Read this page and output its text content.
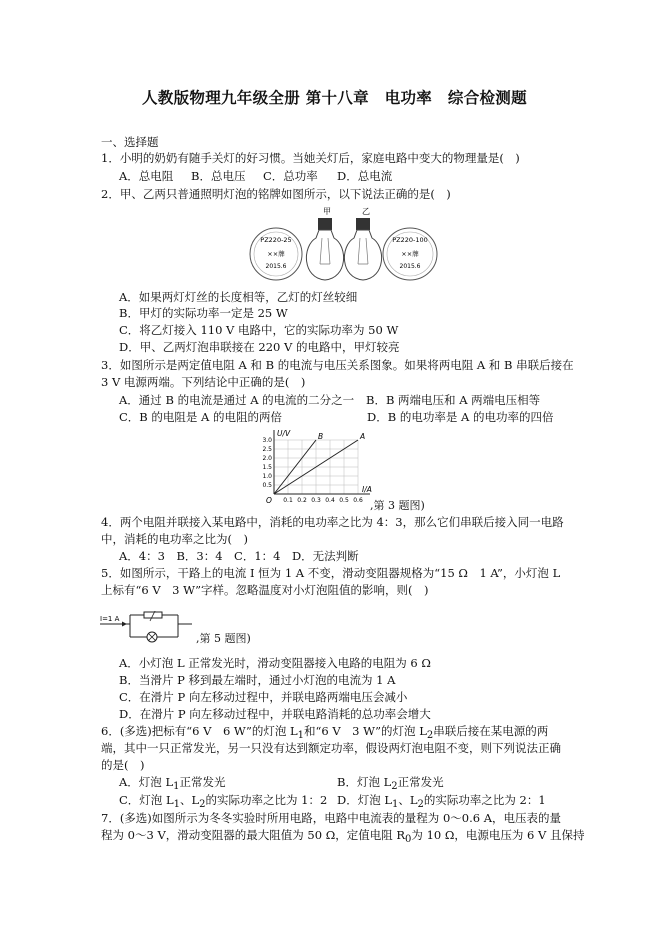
人教版物理九年级全册 第十八章　电功率　综合检测题
一、选择题
1．小明的奶奶有随手关灯的好习惯。当她关灯后，家庭电路中变大的物理量是(　)
A．总电阻 B．总电压 C．总功率 D．总电流
2．甲、乙两只普通照明灯泡的铭牌如图所示，以下说法正确的是(　)
甲	乙
PZ220-25
××牌
2015.6
PZ220-100
××牌
2015.6
A．如果两灯灯丝的长度相等，乙灯的灯丝较细
B．甲灯的实际功率一定是 25 W
C．将乙灯接入 110 V 电路中，它的实际功率为 50 W
D．甲、乙两灯泡串联接在 220 V 的电路中，甲灯较亮
3．如图所示是两定值电阻 A 和 B 的电流与电压关系图象。如果将两电阻 A 和 B 串联后接在
3 V 电源两端。下列结论中正确的是(　)
A．通过 B 的电流是通过 A 的电流的二分之一 B．B 两端电压和 A 两端电压相等
C．B 的电阻是 A 的电阻的两倍	D．B 的电功率是 A 的电功率的四倍
0.1 0.2 0.3 0.4 0.5 0.6
0.5
1.0
1.5
2.0
2.5
3.0	A
B
U/V
I/A
O	,第 3 题图)
4．两个电阻并联接入某电路中，消耗的电功率之比为 4：3，那么它们串联后接入同一电路
中，消耗的电功率之比为(　)
A．4：3　B．3：4　C．1：4　D．无法判断
5．如图所示，干路上的电流 I 恒为 1 A 不变，滑动变阻器规格为“15 Ω　1 A”，小灯泡 L
上标有“6 V　3 W”字样。忽略温度对小灯泡阻值的影响，则(　)
I=1 A
,第 5 题图)
A．小灯泡 L 正常发光时，滑动变阻器接入电路的电阻为 6 Ω
B．当滑片 P 移到最左端时，通过小灯泡的电流为 1 A
C．在滑片 P 向左移动过程中，并联电路两端电压会减小
D．在滑片 P 向左移动过程中，并联电路消耗的总功率会增大
6．(多选)把标有“6 V　6 W”的灯泡 L1和“6 V　3 W”的灯泡 L2串联后接在某电源的两
端，其中一只正常发光，另一只没有达到额定功率，假设两灯泡电阻不变，则下列说法正确
的是(　)
A．灯泡 L1正常发光	B．灯泡 L2正常发光
C．灯泡 L1、L2的实际功率之比为 1：2 D．灯泡 L1、L2的实际功率之比为 2：1
7．(多选)如图所示为冬冬实验时所用电路，电路中电流表的量程为 0～0.6 A，电压表的量
程为 0～3 V，滑动变阻器的最大阻值为 50 Ω，定值电阻 R0为 10 Ω，电源电压为 6 V 且保持
